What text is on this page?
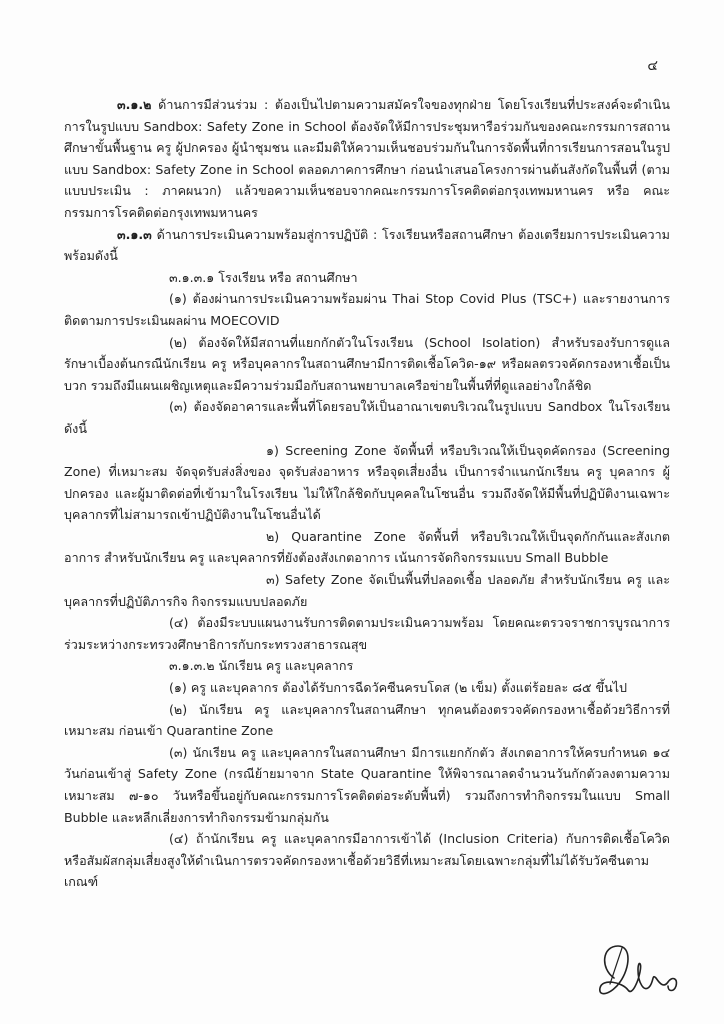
๔

๓.๑.๒ ด้านการมีส่วนร่วม : ต้องเป็นไปตามความสมัครใจของทุกฝ่าย โดยโรงเรียนที่ประสงค์จะดำเนินการในรูปแบบ Sandbox: Safety Zone in School ต้องจัดให้มีการประชุมหารือร่วมกันของคณะกรรมการสถานศึกษาขั้นพื้นฐาน ครู ผู้ปกครอง ผู้นำชุมชน และมีมติให้ความเห็นชอบร่วมกันในการจัดพื้นที่การเรียนการสอนในรูปแบบ Sandbox: Safety Zone in School ตลอดภาคการศึกษา ก่อนนำเสนอโครงการผ่านต้นสังกัดในพื้นที่ (ตามแบบประเมิน : ภาคผนวก) แล้วขอความเห็นชอบจากคณะกรรมการโรคติดต่อกรุงเทพมหานคร หรือ คณะกรรมการโรคติดต่อกรุงเทพมหานคร

๓.๑.๓ ด้านการประเมินความพร้อมสู่การปฏิบัติ : โรงเรียนหรือสถานศึกษา ต้องเตรียมการประเมินความพร้อมดังนี้

๓.๑.๓.๑ โรงเรียน หรือ สถานศึกษา

(๑) ต้องผ่านการประเมินความพร้อมผ่าน Thai Stop Covid Plus (TSC+) และรายงานการติดตามการประเมินผลผ่าน MOECOVID

(๒) ต้องจัดให้มีสถานที่แยกกักตัวในโรงเรียน (School Isolation) สำหรับรองรับการดูแลรักษาเบื้องต้นกรณีนักเรียน ครู หรือบุคลากรในสถานศึกษามีการติดเชื้อโควิด-๑๙ หรือผลตรวจคัดกรองหาเชื้อเป็นบวก รวมถึงมีแผนเผชิญเหตุและมีความร่วมมือกับสถานพยาบาลเครือข่ายในพื้นที่ที่ดูแลอย่างใกล้ชิด

(๓) ต้องจัดอาคารและพื้นที่โดยรอบให้เป็นอาณาเขตบริเวณในรูปแบบ Sandbox ในโรงเรียน ดังนี้

๑) Screening Zone จัดพื้นที่ หรือบริเวณให้เป็นจุดคัดกรอง (Screening Zone) ที่เหมาะสม จัดจุดรับส่งสิ่งของ จุดรับส่งอาหาร หรือจุดเสี่ยงอื่น เป็นการจำแนกนักเรียน ครู บุคลากร ผู้ปกครอง และผู้มาติดต่อที่เข้ามาในโรงเรียน ไม่ให้ใกล้ชิดกับบุคคลในโซนอื่น รวมถึงจัดให้มีพื้นที่ปฏิบัติงานเฉพาะบุคลากรที่ไม่สามารถเข้าปฏิบัติงานในโซนอื่นได้

๒) Quarantine Zone จัดพื้นที่ หรือบริเวณให้เป็นจุดกักกันและสังเกตอาการ สำหรับนักเรียน ครู และบุคลากรที่ยังต้องสังเกตอาการ เน้นการจัดกิจกรรมแบบ Small Bubble

๓) Safety Zone จัดเป็นพื้นที่ปลอดเชื้อ ปลอดภัย สำหรับนักเรียน ครู และบุคลากรที่ปฏิบัติภารกิจ กิจกรรมแบบปลอดภัย

(๔) ต้องมีระบบแผนงานรับการติดตามประเมินความพร้อม โดยคณะตรวจราชการบูรณาการร่วมระหว่างกระทรวงศึกษาธิการกับกระทรวงสาธารณสุข

๓.๑.๓.๒ นักเรียน ครู และบุคลากร

(๑) ครู และบุคลากร ต้องได้รับการฉีดวัคซีนครบโดส (๒ เข็ม) ตั้งแต่ร้อยละ ๘๕ ขึ้นไป

(๒) นักเรียน ครู และบุคลากรในสถานศึกษา ทุกคนต้องตรวจคัดกรองหาเชื้อด้วยวิธีการที่เหมาะสม ก่อนเข้า Quarantine Zone

(๓) นักเรียน ครู และบุคลากรในสถานศึกษา มีการแยกกักตัว สังเกตอาการให้ครบกำหนด ๑๔ วันก่อนเข้าสู่ Safety Zone (กรณีย้ายมาจาก State Quarantine ให้พิจารณาลดจำนวนวันกักตัวลงตามความเหมาะสม ๗-๑๐ วันหรือขึ้นอยู่กับคณะกรรมการโรคติดต่อระดับพื้นที่) รวมถึงการทำกิจกรรมในแบบ Small Bubble และหลีกเลี่ยงการทำกิจกรรมข้ามกลุ่มกัน

(๔) ถ้านักเรียน ครู และบุคลากรมีอาการเข้าได้ (Inclusion Criteria) กับการติดเชื้อโควิด หรือสัมผัสกลุ่มเสี่ยงสูงให้ดำเนินการตรวจคัดกรองหาเชื้อด้วยวิธีที่เหมาะสมโดยเฉพาะกลุ่มที่ไม่ได้รับวัคซีนตามเกณฑ์
